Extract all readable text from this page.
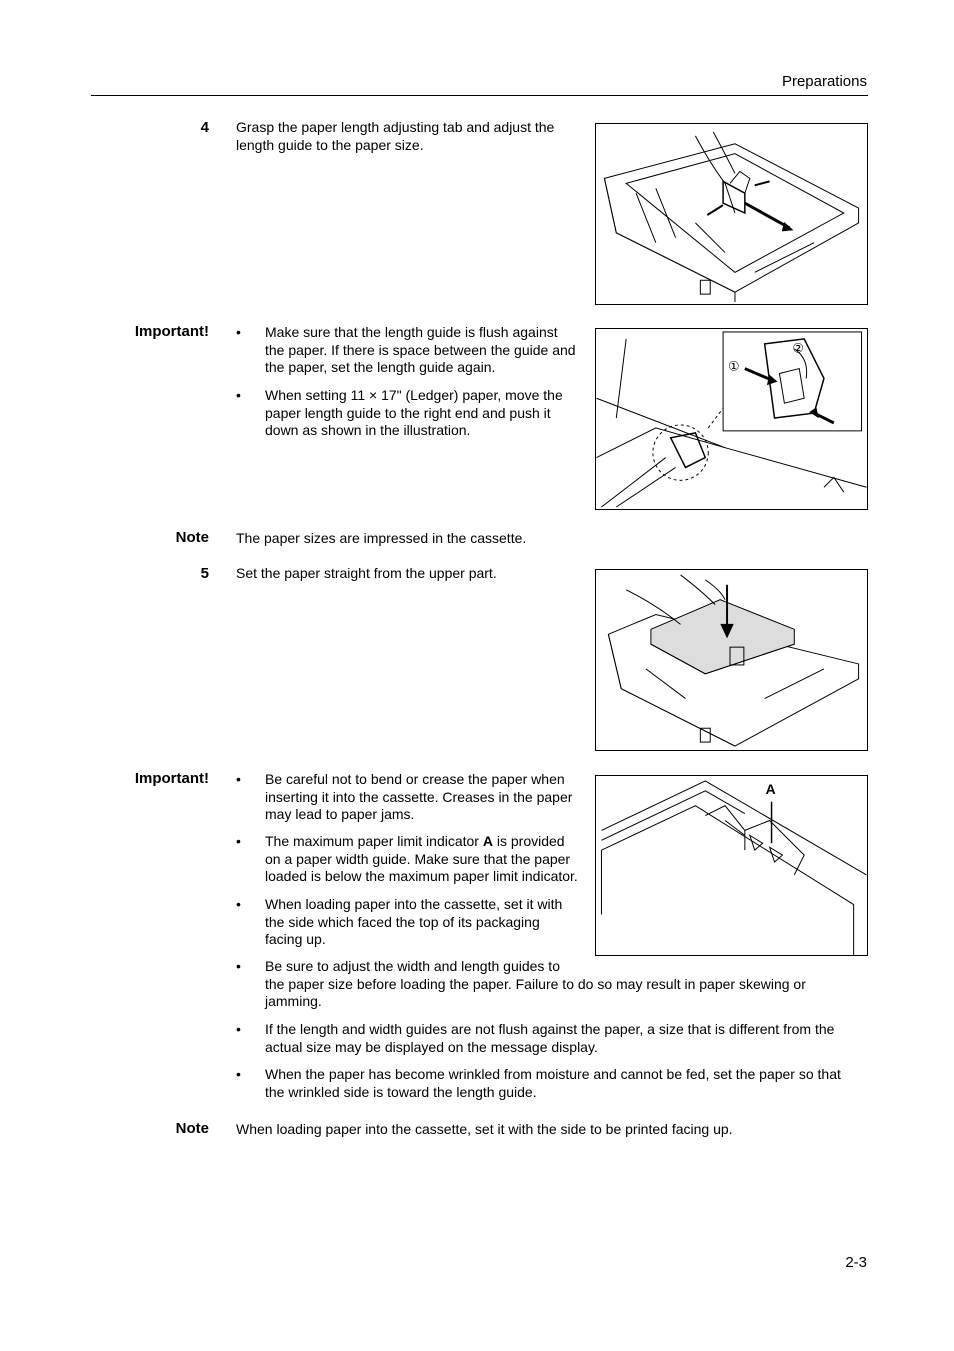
Preparations
4 Grasp the paper length adjusting tab and adjust the
length guide to the paper size.
Important! • Make sure that the length guide is flush against
the paper. If there is space between the guide and
the paper, set the length guide again.
• When setting 11 × 17" (Ledger) paper, move the
paper length guide to the right end and push it
down as shown in the illustration.
①
②
Note The paper sizes are impressed in the cassette.
5 Set the paper straight from the upper part.
Important! • Be careful not to bend or crease the paper when
inserting it into the cassette. Creases in the paper
may lead to paper jams.
• The maximum paper limit indicator A is provided
on a paper width guide. Make sure that the paper
loaded is below the maximum paper limit indicator.
• When loading paper into the cassette, set it with
the side which faced the top of its packaging
facing up.
• Be sure to adjust the width and length guides to
the paper size before loading the paper. Failure to do so may result in paper skewing or
jamming.
• If the length and width guides are not flush against the paper, a size that is different from the
actual size may be displayed on the message display.
• When the paper has become wrinkled from moisture and cannot be fed, set the paper so that
the wrinkled side is toward the length guide.
A
Note When loading paper into the cassette, set it with the side to be printed facing up.
2-3
